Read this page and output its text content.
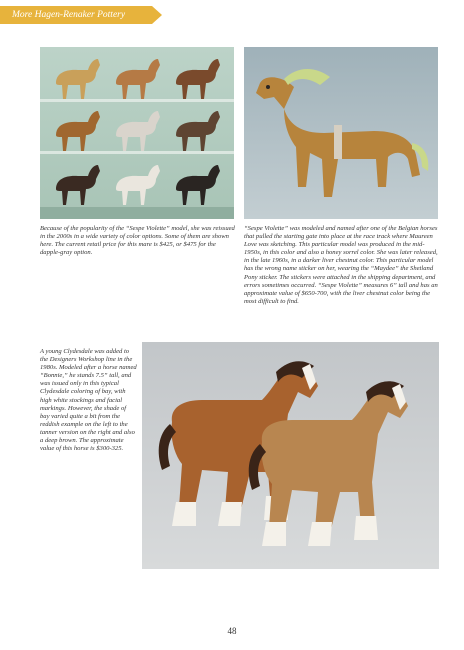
More Hagen-Renaker Pottery
Because of the popularity of the “Sespe Violette” model, she was reissued in the 2000s in a wide variety of color options. Some of them are shown here. The current retail price for this mare is $425, or $475 for the dapple-gray option.
“Sespe Violette” was modeled and named after one of the Belgian horses that pulled the starting gate into place at the race track where Maureen Love was sketching. This particular model was produced in the mid-1950s, in this color and also a honey sorrel color. She was later released, in the late 1960s, in a darker liver chestnut color. This particular model has the wrong name sticker on her, wearing the “Maydee” the Shetland Pony sticker. The stickers were attached in the shipping department, and errors sometimes occurred. “Sespe Violette” measures 6” tall and has an approximate value of $650-700, with the liver chestnut color being the most difficult to find.
A young Clydesdale was added to the Designers Workshop line in the 1980s. Modeled after a horse named “Bonnie,” he stands 7.5” tall, and was issued only in this typical Clydesdale coloring of bay, with high white stockings and facial markings. However, the shade of bay varied quite a bit from the reddish example on the left to the tanner version on the right and also a deep brown. The approximate value of this horse is $300-325.
48
